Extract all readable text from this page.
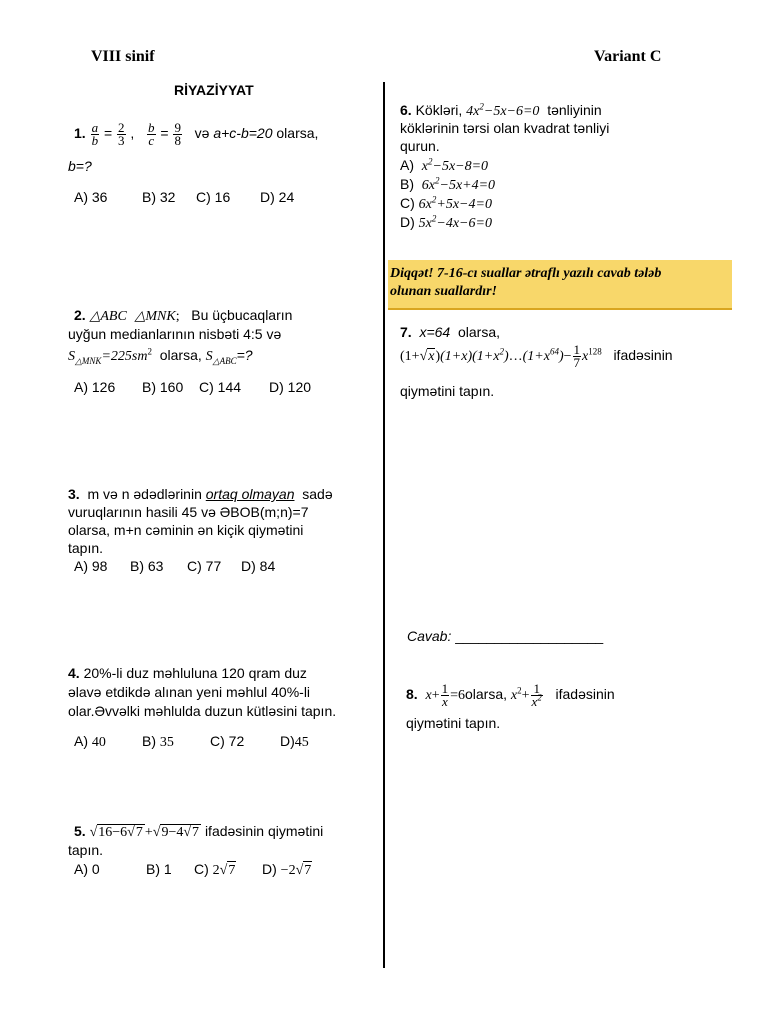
VIII sinif	Variant C
RİYAZİYYAT
1. $\frac{a}{b} = \frac{2}{3}$ , $\frac{b}{c} = \frac{9}{8}$ və a+c-b=20 olarsa,
b=?
A) 36 B) 32 C) 16 D) 24
2. △ABC △MNK; Bu üçbucaqların
uyğun medianlarının nisbəti 4:5 və
$S_{\triangle MNK}=225sm^2$ olarsa, $S_{\triangle ABC}=$?
A) 126 B) 160 C) 144 D) 120
3. m və n ədədlərinin ortaq olmayan sadə
vuruqlarının hasili 45 və ƏBOB(m;n)=7
olarsa, m+n cəminin ən kiçik qiymətini
tapın.
A) 98 B) 63 C) 77 D) 84
4. 20%-li duz məhluluna 120 qram duz
əlavə etdikdə alınan yeni məhlul 40%-li
olar.Əvvəlki məhlulda duzun kütləsini tapın.
A) 40	B) 35	C) 72	D)45
5. √16−6√7 +√9−4√7 ifadəsinin qiymətini
tapın.
A) 0	B) 1 C) 2√7 D) −2√7
6. Kökləri, $4x^2-5x-6=0$ tənliyinin
köklərinin tərsi olan kvadrat tənliyi
qurun.
A) $x^2-5x-8=0$
B) $6x^2-5x+4=0$
C) $6x^2+5x-4=0$
D) $5x^2-4x-6=0$
Diqqət! 7-16-cı suallar ətraflı yazılı cavab tələb
olunan suallardır!
7. x=64 olarsa,
$(1+√x)(1+x)(1+x^2)\dots(1+x^{64})- \frac{1}{7} x^{128}$ ifadəsinin
qiymətini tapın.
Cavab: ___________________
8. $x+ \frac{1}{x}$ =6olarsa, $x^2+ \frac{1}{x^2}$ ifadəsinin
qiymətini tapın.
